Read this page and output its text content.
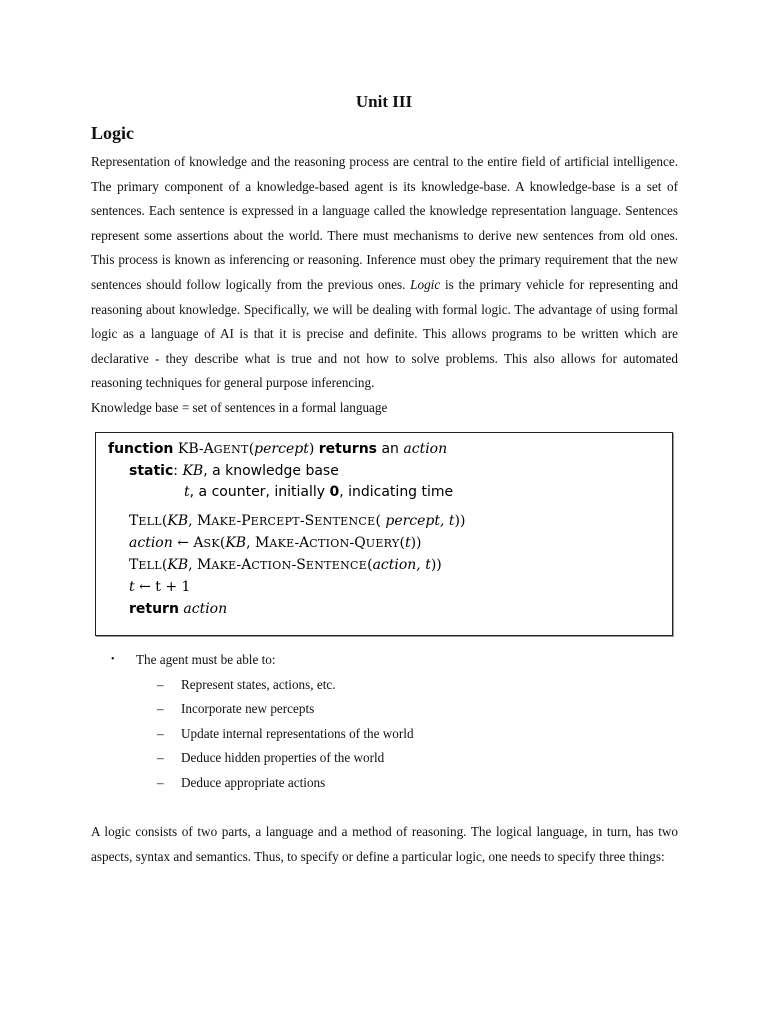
Unit III
Logic
Representation of knowledge and the reasoning process are central to the entire field of artificial intelligence. The primary component of a knowledge-based agent is its knowledge-base. A knowledge-base is a set of sentences. Each sentence is expressed in a language called the knowledge representation language. Sentences represent some assertions about the world. There must mechanisms to derive new sentences from old ones. This process is known as inferencing or reasoning. Inference must obey the primary requirement that the new sentences should follow logically from the previous ones. Logic is the primary vehicle for representing and reasoning about knowledge. Specifically, we will be dealing with formal logic. The advantage of using formal logic as a language of AI is that it is precise and definite. This allows programs to be written which are declarative - they describe what is true and not how to solve problems. This also allows for automated reasoning techniques for general purpose inferencing.
Knowledge base = set of sentences in a formal language
function KB-AGENT(percept) returns an action
static: KB, a knowledge base
t, a counter, initially 0, indicating time
TELL(KB, MAKE-PERCEPT-SENTENCE( percept, t))
action ← ASK(KB, MAKE-ACTION-QUERY(t))
TELL(KB, MAKE-ACTION-SENTENCE(action, t))
t ← t + 1
return action
• The agent must be able to:
– Represent states, actions, etc.
– Incorporate new percepts
– Update internal representations of the world
– Deduce hidden properties of the world
– Deduce appropriate actions
A logic consists of two parts, a language and a method of reasoning. The logical language, in turn, has two aspects, syntax and semantics. Thus, to specify or define a particular logic, one needs to specify three things:
